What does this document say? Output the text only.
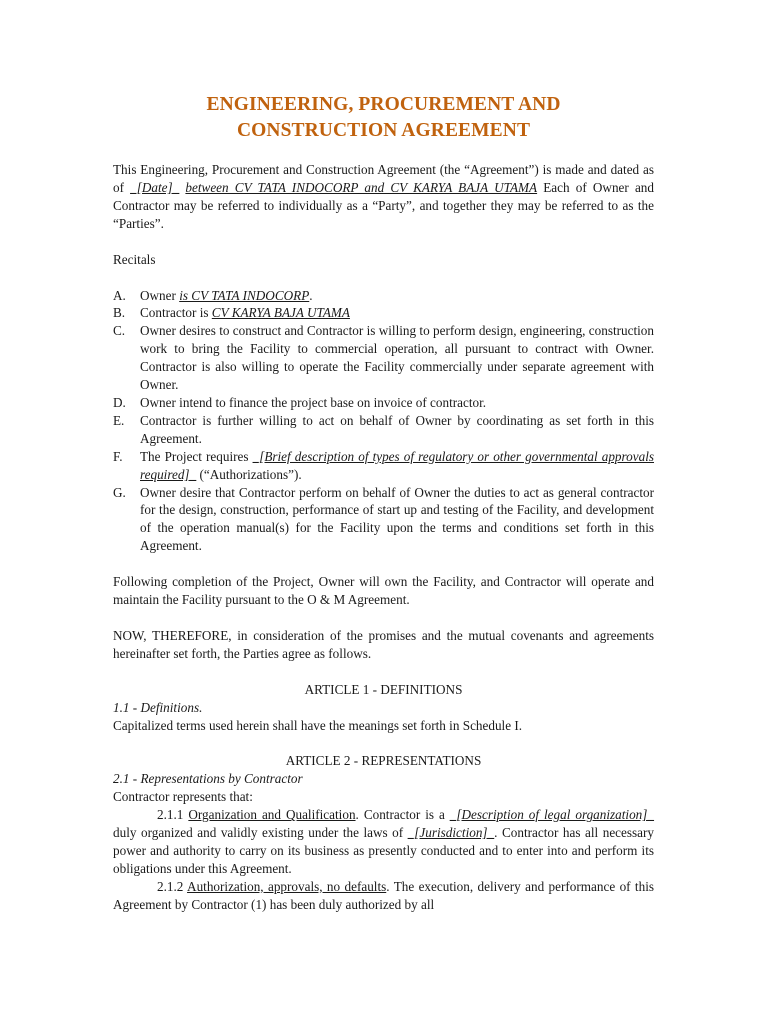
ENGINEERING, PROCUREMENT AND
CONSTRUCTION AGREEMENT

This Engineering, Procurement and Construction Agreement (the “Agreement”) is made and dated as of _[Date]_ between CV TATA INDOCORP and CV KARYA BAJA UTAMA Each of Owner and Contractor may be referred to individually as a “Party”, and together they may be referred to as the “Parties”.

Recitals

A. Owner is CV TATA INDOCORP.
B. Contractor is CV KARYA BAJA UTAMA
C. Owner desires to construct and Contractor is willing to perform design, engineering, construction work to bring the Facility to commercial operation, all pursuant to contract with Owner. Contractor is also willing to operate the Facility commercially under separate agreement with Owner.
D. Owner intend to finance the project base on invoice of contractor.
E. Contractor is further willing to act on behalf of Owner by coordinating as set forth in this Agreement.
F. The Project requires _[Brief description of types of regulatory or other governmental approvals required]_ (“Authorizations”).
G. Owner desire that Contractor perform on behalf of Owner the duties to act as general contractor for the design, construction, performance of start up and testing of the Facility, and development of the operation manual(s) for the Facility upon the terms and conditions set forth in this Agreement.

Following completion of the Project, Owner will own the Facility, and Contractor will operate and maintain the Facility pursuant to the O & M Agreement.

NOW, THEREFORE, in consideration of the promises and the mutual covenants and agreements hereinafter set forth, the Parties agree as follows.

ARTICLE 1 - DEFINITIONS

1.1 - Definitions.

Capitalized terms used herein shall have the meanings set forth in Schedule I.

ARTICLE 2 - REPRESENTATIONS

2.1 - Representations by Contractor

Contractor represents that:

2.1.1 Organization and Qualification. Contractor is a _[Description of legal organization]_ duly organized and validly existing under the laws of _[Jurisdiction]_. Contractor has all necessary power and authority to carry on its business as presently conducted and to enter into and perform its obligations under this Agreement.

2.1.2 Authorization, approvals, no defaults. The execution, delivery and performance of this Agreement by Contractor (1) has been duly authorized by all
